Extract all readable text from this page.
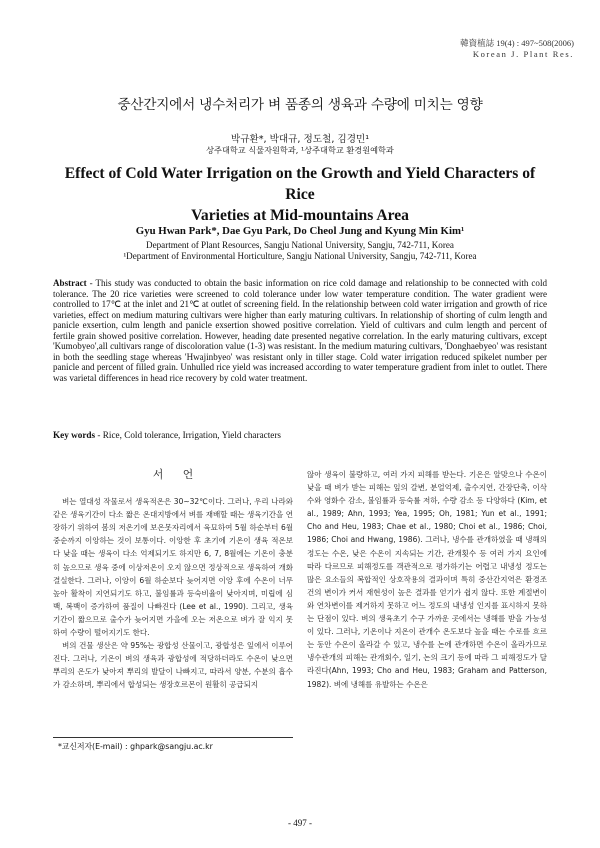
韓資植誌 19(4) : 497~508(2006)
Korean J. Plant Res.
중산간지에서 냉수처리가 벼 품종의 생육과 수량에 미치는 영향
박규환*, 박대규, 정도철, 김경민¹
상주대학교 식물자원학과, ¹상주대학교 환경원예학과
Effect of Cold Water Irrigation on the Growth and Yield Characters of Rice
Varieties at Mid-mountains Area
Gyu Hwan Park*, Dae Gyu Park, Do Cheol Jung and Kyung Min Kim¹
Department of Plant Resources, Sangju National University, Sangju, 742-711, Korea
¹Department of Environmental Horticulture, Sangju National University, Sangju, 742-711, Korea
Abstract - This study was conducted to obtain the basic information on rice cold damage and relationship to be connected with cold tolerance. The 20 rice varieties were screened to cold tolerance under low water temperature condition. The water gradient were controlled to 17℃ at the inlet and 21℃ at outlet of screening field. In the relationship between cold water irrigation and growth of rice varieties, effect on medium maturing cultivars were higher than early maturing cultivars. In relationship of shorting of culm length and panicle exsertion, culm length and panicle exsertion showed positive correlation. Yield of cultivars and culm length and percent of fertile grain showed positive correlation. However, heading date presented negative correlation. In the early maturing cultivars, except 'Kumobyeo',all cultivars range of discoloration value (1-3) was resistant. In the medium maturing cultivars, 'Donghaebyeo' was resistant in both the seedling stage whereas 'Hwajinbyeo' was resistant only in tiller stage. Cold water irrigation reduced spikelet number per panicle and percent of filled grain. Unhulled rice yield was increased according to water temperature gradient from inlet to outlet. There was varietal differences in head rice recovery by cold water treatment.
Key words - Rice, Cold tolerance, Irrigation, Yield characters
서 언

벼는 열대성 작물로서 생육적온은 30~32℃이다. 그러나, 우리 나라와 같은 생육기간이 다소 짧은 온대지방에서 벼를 재배할 때는 생육기간을 연장하기 위하여 봄의 저온기에 보온못자리에서 육묘하여 5월 하순부터 6월 중순까지 이앙하는 것이 보통이다. 이앙한 후 초기에 기온이 생육 적온보다 낮을 때는 생육이 다소 억제되기도 하지만 6, 7, 8월에는 기온이 충분히 높으므로 생육 중에 이상저온이 오지 않으면 정상적으로 생육하여 개화 결실한다. 그러나, 이앙이 6월 하순보다 늦어지면 이앙 후에 수온이 너무 높아 활착이 지연되기도 하고, 불임률과 등숙비율이 낮아지며, 미립에 심백, 복백이 증가하여 품질이 나빠진다 (Lee et al., 1990). 그리고, 생육기간이 짧으므로 출수가 늦어지면 가을에 오는 저온으로 벼가 잘 익지 못하여 수량이 떨어지기도 한다.

벼의 건물 생산은 약 95%는 광합성 산물이고, 광합성은 잎에서 이루어진다. 그러나, 기온이 벼의 생육과 광합성에 적당하더라도 수온이 낮으면 뿌리의 온도가 낮아져 뿌리의 발달이 나빠지고, 따라서 양분, 수분의 흡수가 감소하며, 뿌리에서 합성되는 생장호르몬이 원활히 공급되지

않아 생육이 불량하고, 여러 가지 피해를 받는다. 기온은 알맞으나 수온이 낮을 때 벼가 받는 피해는 잎의 갈변, 분얼억제, 출수지연, 간장단축, 이삭수와 영화수 감소, 불임률과 등숙률 저하, 수량 감소 등 다양하다 (Kim, et al., 1989; Ahn, 1993; Yea, 1995; Oh, 1981; Yun et al., 1991; Cho and Heu, 1983; Chae et al., 1980; Choi et al., 1986; Choi, 1986; Choi and Hwang, 1986). 그러나, 냉수를 관개하였을 때 냉해의 정도는 수온, 낮은 수온이 지속되는 기간, 관개횟수 등 여러 가지 요인에 따라 다르므로 피해정도를 객관적으로 평가하기는 어렵고 내냉성 정도는 많은 요소들의 복합적인 상호작용의 결과이며 특히 중산간지역은 환경조건의 변이가 커서 재현성이 높은 결과를 얻기가 쉽지 않다. 또한 계절변이와 연차변이를 제거하지 못하고 어느 정도의 내냉성 인지를 표시하지 못하는 단점이 있다. 벼의 생육초기 수구 가까운 곳에서는 냉해를 받을 가능성이 있다. 그러나, 기온이나 지온이 관개수 온도보다 높을 때는 수로를 흐르는 동안 수온이 올라갈 수 있고, 냉수를 논에 관개하면 수온이 올라가므로 냉수관개의 피해는 관개회수, 일기, 논의 크기 등에 따라 그 피해정도가 달라진다(Ahn, 1993; Cho and Heu, 1983; Graham and Patterson, 1982). 벼에 냉해를 유발하는 수온은

*교신저자(E-mail) : ghpark@sangju.ac.kr
- 497 -
